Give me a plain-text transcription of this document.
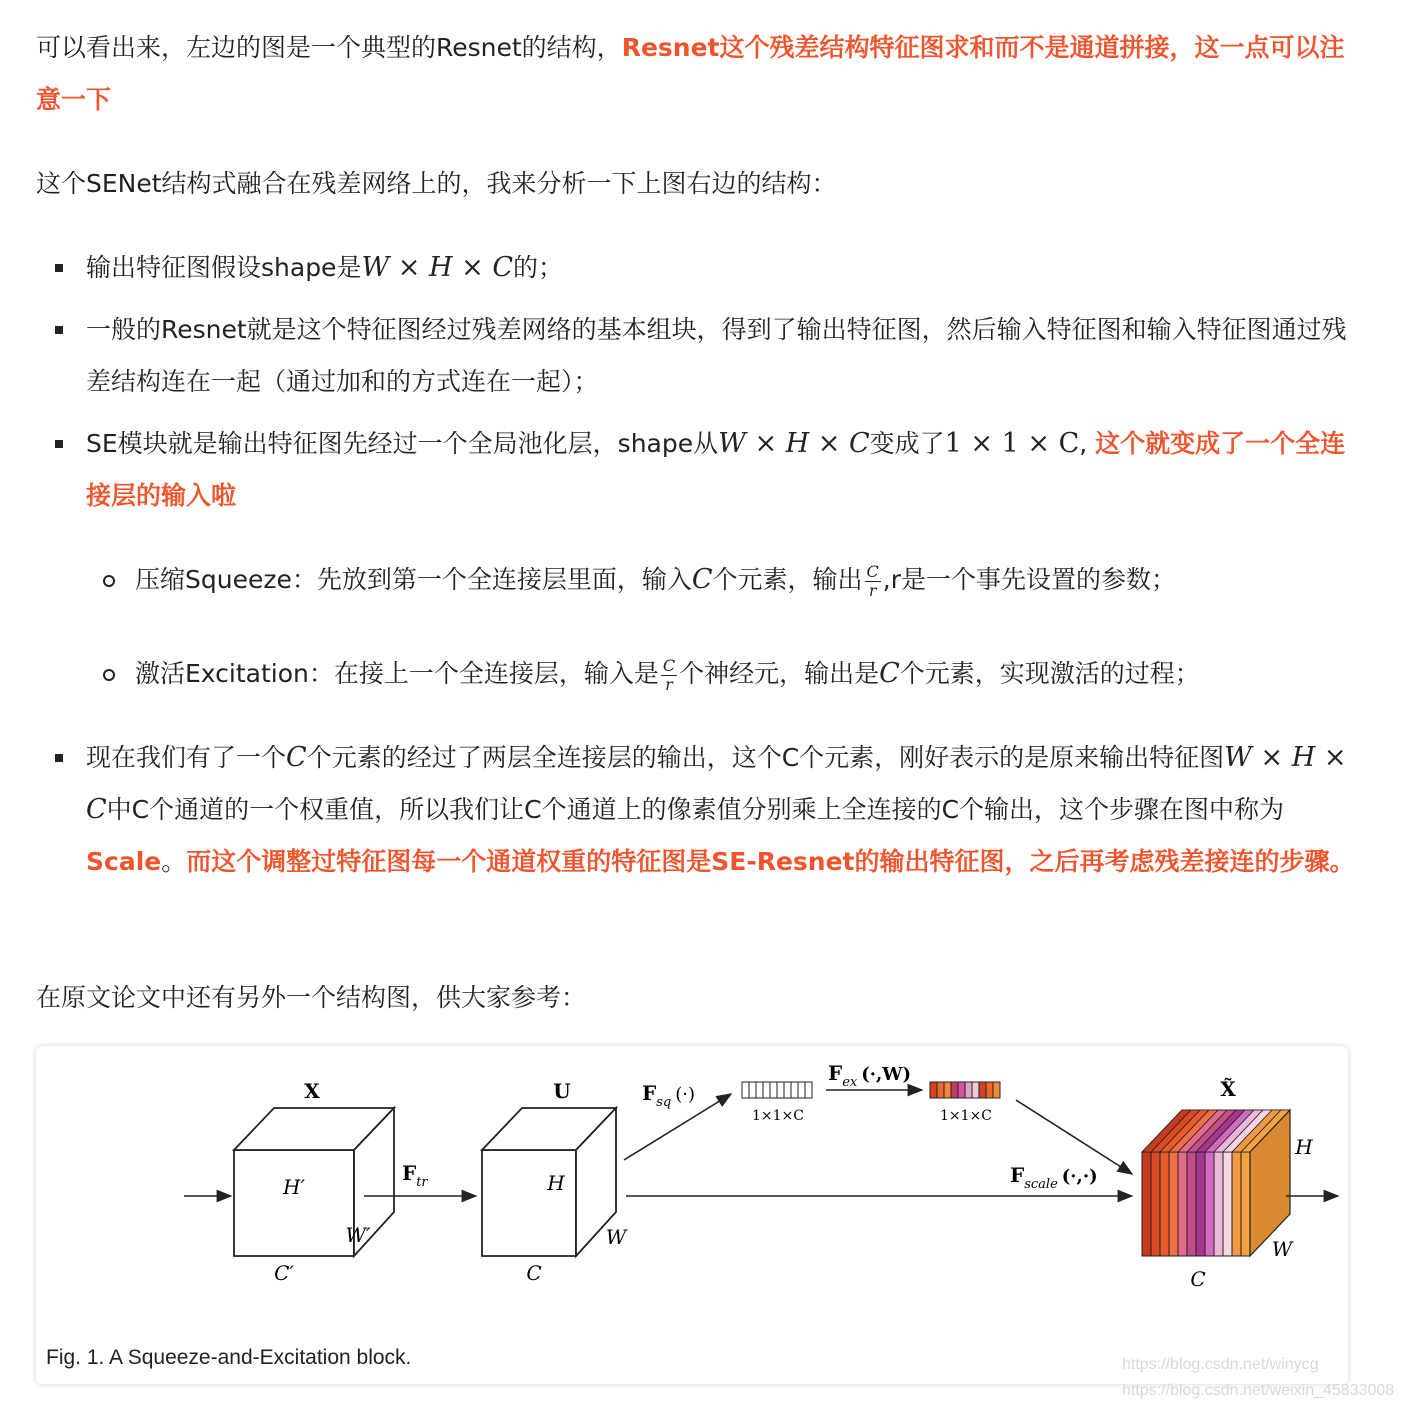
可以看出来，左边的图是一个典型的Resnet的结构，Resnet这个残差结构特征图求和而不是通道拼接，这一点可以注意一下
这个SENet结构式融合在残差网络上的，我来分析一下上图右边的结构：
输出特征图假设shape是W × H × C的；
一般的Resnet就是这个特征图经过残差网络的基本组块，得到了输出特征图，然后输入特征图和输入特征图通过残差结构连在一起（通过加和的方式连在一起）；
SE模块就是输出特征图先经过一个全局池化层，shape从W × H × C变成了1 × 1 × C, 这个就变成了一个全连接层的输入啦
压缩Squeeze：先放到第一个全连接层里面，输入C个元素，输出 $\frac{C}{r} ,r$是一个事先设置的参数；
激活Excitation：在接上一个全连接层，输入是 $\frac{C}{r}$ 个神经元，输出是C个元素，实现激活的过程；
现在我们有了一个C个元素的经过了两层全连接层的输出，这个C个元素，刚好表示的是原来输出特征图W × H × C中C个通道的一个权重值，所以我们让C个通道上的像素值分别乘上全连接的C个输出，这个步骤在图中称为Scale。而这个调整过特征图每一个通道权重的特征图是SE-Resnet的输出特征图，之后再考虑残差接连的步骤。
在原文论文中还有另外一个结构图，供大家参考：
X
H′
W′
C′
$F_{tr}$
U
H
W
C
$F_{sq}$ (·)
1×1×C
$F_{ex}$ (·,W)
1×1×C
$F_{scale}$ (·,·)
X̃
H
W
C
Fig. 1. A Squeeze-and-Excitation block.	https://blog.csdn.net/winycg
https://blog.csdn.net/weixin_45833008
